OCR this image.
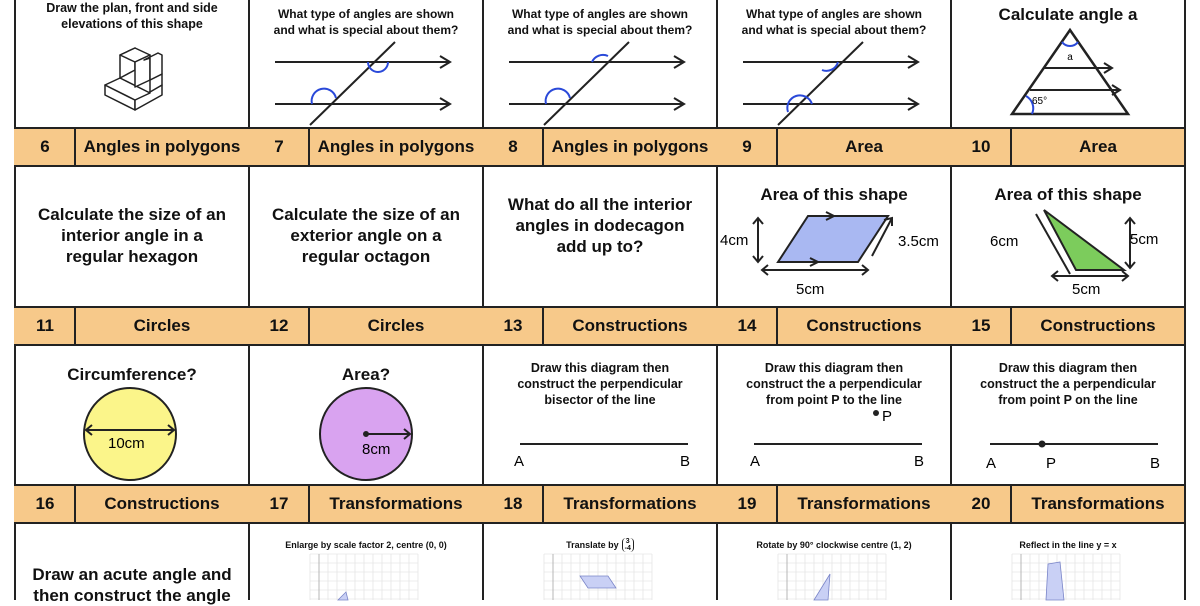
Draw the plan, front and side
elevations of this shape
What type of angles are shown
and what is special about them?
What type of angles are shown
and what is special about them?
What type of angles are shown
and what is special about them?
Calculate angle a
a
65°
6	Angles in polygons	7	Angles in polygons	8	Angles in polygons	9	Area	10	Area
Calculate the size of an
interior angle in a
regular hexagon
Calculate the size of an
exterior angle on a
regular octagon
What do all the interior
angles in dodecagon
add up to?
Area of this shape
4cm	3.5cm
5cm
Area of this shape
6cm	5cm
5cm
11	Circles	12	Circles	13	Constructions	14	Constructions	15	Constructions
Circumference?
10cm
Area?
8cm
Draw this diagram then
construct the perpendicular
bisector of the line
A	B
Draw this diagram then
construct the a perpendicular
from point P to the line
P
A	B
Draw this diagram then
construct the a perpendicular
from point P on the line
A	P	B
16	Constructions	17	Transformations	18	Transformations	19	Transformations	20	Transformations
Draw an acute angle and
then construct the angle
Enlarge by scale factor 2, centre (0, 0)	Translate by 3
-4	Rotate by 90° clockwise centre (1, 2)	Reflect in the line y = x
